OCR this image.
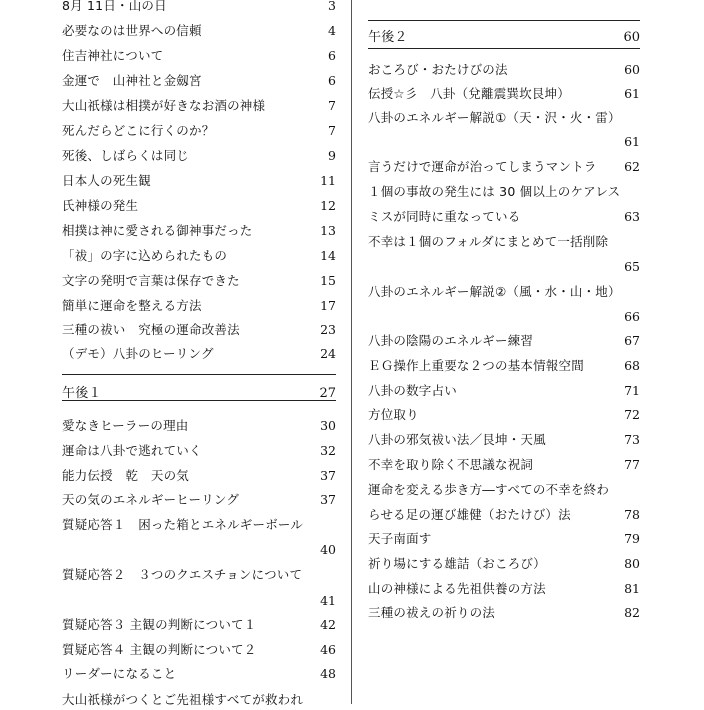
8月 11日・山の日	3
必要なのは世界への信頼	4
住吉神社について	6
金運で　山神社と金劔宮	6
大山祇様は相撲が好きなお酒の神様	7
死んだらどこに行くのか？	7
死後、しばらくは同じ	9
日本人の死生観	11
氏神様の発生	12
相撲は神に愛される御神事だった	13
「祓」の字に込められたもの	14
文字の発明で言葉は保存できた	15
簡単に運命を整える方法	17
三種の祓い　究極の運命改善法	23
（デモ）八卦のヒーリング	24
午後１	27
愛なきヒーラーの理由	30
運命は八卦で逃れていく	32
能力伝授　乾　天の気	37
天の気のエネルギーヒーリング	37
質疑応答１　困った箱とエネルギーボール
40
質疑応答２　３つのクエスチョンについて
41
質疑応答３ 主観の判断について１	42
質疑応答４ 主観の判断について２	46
リーダーになること	48
大山祇様がつくとご先祖様すべてが救われ
午後２	60
おころび・おたけびの法	60
伝授☆彡　八卦（兌離震巽坎艮坤）	61
八卦のエネルギー解説①（天・沢・火・雷）
61
言うだけで運命が治ってしまうマントラ 62
１個の事故の発生には 30 個以上のケアレス
ミスが同時に重なっている	63
不幸は１個のフォルダにまとめて一括削除
65
八卦のエネルギー解説②（風・水・山・地）
66
八卦の陰陽のエネルギー練習	67
ＥＧ操作上重要な２つの基本情報空間	68
八卦の数字占い	71
方位取り	72
八卦の邪気祓い法／艮坤・天風	73
不幸を取り除く不思議な祝詞	77
運命を変える歩き方―すべての不幸を終わ
らせる足の運び雄健（おたけび）法	78
天子南面す	79
祈り場にする雄詰（おころび）	80
山の神様による先祖供養の方法	81
三種の祓えの祈りの法	82
